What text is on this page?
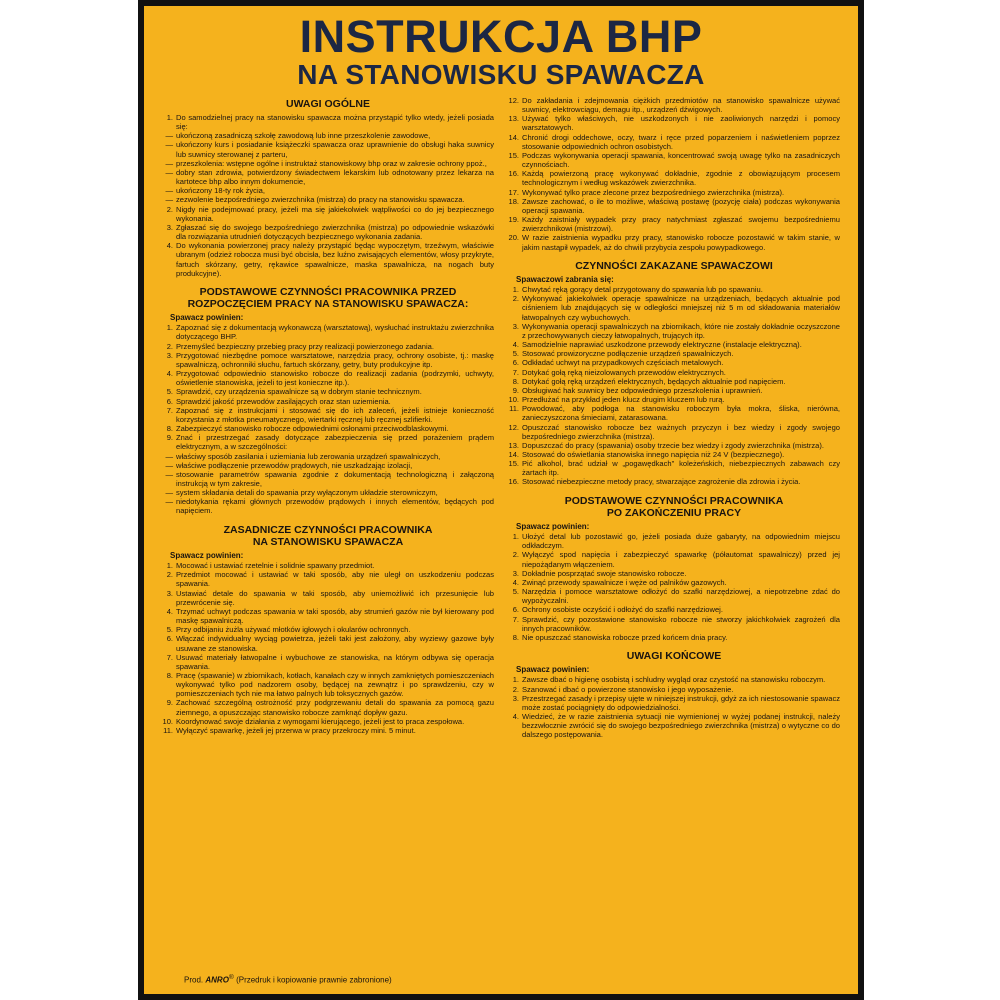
INSTRUKCJA BHP
NA STANOWISKU SPAWACZA
UWAGI OGÓLNE
1. Do samodzielnej pracy na stanowisku spawacza można przystąpić tylko wtedy, jeżeli posiada się:
— ukończoną zasadniczą szkołę zawodową lub inne przeszkolenie zawodowe,
— ukończony kurs i posiadanie książeczki spawacza oraz uprawnienie do obsługi haka suwnicy lub suwnicy sterowanej z parteru,
— przeszkolenia: wstępne ogólne i instruktaż stanowiskowy bhp oraz w zakresie ochrony ppoż.,
— dobry stan zdrowia, potwierdzony świadectwem lekarskim lub odnotowany przez lekarza na kartotece bhp albo innym dokumencie,
— ukończony 18-ty rok życia,
— zezwolenie bezpośredniego zwierzchnika (mistrza) do pracy na stanowisku spawacza.
2. Nigdy nie podejmować pracy, jeżeli ma się jakiekolwiek wątpliwości co do jej bezpiecznego wykonania.
3. Zgłaszać się do swojego bezpośredniego zwierzchnika (mistrza) po odpowiednie wskazówki dla rozwiązania utrudnień dotyczących bezpiecznego wykonania zadania.
4. Do wykonania powierzonej pracy należy przystąpić będąc wypoczętym, trzeźwym, właściwie ubranym (odzież robocza musi być obcisła, bez luźno zwisających elementów, włosy przykryte, fartuch skórzany, getry, rękawice spawalnicze, maska spawalnicza, na nogach buty produkcyjne).
PODSTAWOWE CZYNNOŚCI PRACOWNIKA PRZED
ROZPOCZĘCIEM PRACY NA STANOWISKU SPAWACZA:
Spawacz powinien:
1. Zapoznać się z dokumentacją wykonawczą (warsztatową), wysłuchać instruktażu zwierzchnika dotyczącego BHP.
2. Przemyśleć bezpieczny przebieg pracy przy realizacji powierzonego zadania.
3. Przygotować niezbędne pomoce warsztatowe, narzędzia pracy, ochrony osobiste, tj.: maskę spawalniczą, ochronniki słuchu, fartuch skórzany, getry, buty produkcyjne itp.
4. Przygotować odpowiednio stanowisko robocze do realizacji zadania (podrzymki, uchwyty, oświetlenie stanowiska, jeżeli to jest konieczne itp.).
5. Sprawdzić, czy urządzenia spawalnicze są w dobrym stanie technicznym.
6. Sprawdzić jakość przewodów zasilających oraz stan uziemienia.
7. Zapoznać się z instrukcjami i stosować się do ich zaleceń, jeżeli istnieje konieczność korzystania z młotka pneumatycznego, wiertarki ręcznej lub ręcznej szlifierki.
8. Zabezpieczyć stanowisko robocze odpowiednimi osłonami przeciwodblaskowymi.
9. Znać i przestrzegać zasady dotyczące zabezpieczenia się przed porażeniem prądem elektrycznym, a w szczególności:
— właściwy sposób zasilania i uziemiania lub zerowania urządzeń spawalniczych,
— właściwe podłączenie przewodów prądowych, nie uszkadzając izolacji,
— stosowanie parametrów spawania zgodnie z dokumentacją technologiczną i załączoną instrukcją w tym zakresie,
— system składania detali do spawania przy wyłączonym układzie sterowniczym,
— niedotykania rękami głównych przewodów prądowych i innych elementów, będących pod napięciem.
ZASADNICZE CZYNNOŚCI PRACOWNIKA
NA STANOWISKU SPAWACZA
Spawacz powinien:
1. Mocować i ustawiać rzetelnie i solidnie spawany przedmiot.
2. Przedmiot mocować i ustawiać w taki sposób, aby nie uległ on uszkodzeniu podczas spawania.
3. Ustawiać detale do spawania w taki sposób, aby uniemożliwić ich przesunięcie lub przewrócenie się.
4. Trzymać uchwyt podczas spawania w taki sposób, aby strumień gazów nie był kierowany pod maskę spawalniczą.
5. Przy odbijaniu żużla używać młotków igłowych i okularów ochronnych.
6. Włączać indywidualny wyciąg powietrza, jeżeli taki jest założony, aby wyziewy gazowe były usuwane ze stanowiska.
7. Usuwać materiały łatwopalne i wybuchowe ze stanowiska, na którym odbywa się operacja spawania.
8. Pracę (spawanie) w zbiornikach, kotłach, kanałach czy w innych zamkniętych pomieszczeniach wykonywać tylko pod nadzorem osoby, będącej na zewnątrz i po sprawdzeniu, czy w pomieszczeniach tych nie ma łatwo palnych lub toksycznych gazów.
9. Zachować szczególną ostrożność przy podgrzewaniu detali do spawania za pomocą gazu ziemnego, a opuszczając stanowisko robocze zamknąć dopływ gazu.
10. Koordynować swoje działania z wymogami kierującego, jeżeli jest to praca zespołowa.
11. Wyłączyć spawarkę, jeżeli jej przerwa w pracy przekroczy mini. 5 minut.
12. Do zakładania i zdejmowania ciężkich przedmiotów na stanowisko spawalnicze używać suwnicy, elektrowciągu, demagu itp., urządzeń dźwigowych.
13. Używać tylko właściwych, nie uszkodzonych i nie zaoliwionych narzędzi i pomocy warsztatowych.
14. Chronić drogi oddechowe, oczy, twarz i ręce przed poparzeniem i naświetleniem poprzez stosowanie odpowiednich ochron osobistych.
15. Podczas wykonywania operacji spawania, koncentrować swoją uwagę tylko na zasadniczych czynnościach.
16. Każdą powierzoną pracę wykonywać dokładnie, zgodnie z obowiązującym procesem technologicznym i według wskazówek zwierzchnika.
17. Wykonywać tylko prace zlecone przez bezpośredniego zwierzchnika (mistrza).
18. Zawsze zachować, o ile to możliwe, właściwą postawę (pozycję ciała) podczas wykonywania operacji spawania.
19. Każdy zaistniały wypadek przy pracy natychmiast zgłaszać swojemu bezpośredniemu zwierzchnikowi (mistrzowi).
20. W razie zaistnienia wypadku przy pracy, stanowisko robocze pozostawić w takim stanie, w jakim nastąpił wypadek, aż do chwili przybycia zespołu powypadkowego.
CZYNNOŚCI ZAKAZANE SPAWACZOWI
Spawaczowi zabrania się:
1. Chwytać ręką gorący detal przygotowany do spawania lub po spawaniu.
2. Wykonywać jakiekolwiek operacje spawalnicze na urządzeniach, będących aktualnie pod ciśnieniem lub znajdujących się w odległości mniejszej niż 5 m od składowania materiałów łatwopalnych czy wybuchowych.
3. Wykonywania operacji spawalniczych na zbiornikach, które nie zostały dokładnie oczyszczone z przechowywanych cieczy łatwopalnych, trujących itp.
4. Samodzielnie naprawiać uszkodzone przewody elektryczne (instalacje elektryczną).
5. Stosować prowizoryczne podłączenie urządzeń spawalniczych.
6. Odkładać uchwyt na przypadkowych częściach metalowych.
7. Dotykać gołą ręką nieizolowanych przewodów elektrycznych.
8. Dotykać gołą ręką urządzeń elektrycznych, będących aktualnie pod napięciem.
9. Obsługiwać hak suwnicy bez odpowiedniego przeszkolenia i uprawnień.
10. Przedłużać na przykład jeden klucz drugim kluczem lub rurą.
11. Powodować, aby podłoga na stanowisku roboczym była mokra, śliska, nierówna, zanieczyszczona śmieciami, zatarasowana.
12. Opuszczać stanowisko robocze bez ważnych przyczyn i bez wiedzy i zgody swojego bezpośredniego zwierzchnika (mistrza).
13. Dopuszczać do pracy (spawania) osoby trzecie bez wiedzy i zgody zwierzchnika (mistrza).
14. Stosować do oświetlania stanowiska innego napięcia niż 24 V (bezpiecznego).
15. Pić alkohol, brać udział w „pogawędkach" koleżeńskich, niebezpiecznych zabawach czy żartach itp.
16. Stosować niebezpieczne metody pracy, stwarzające zagrożenie dla zdrowia i życia.
PODSTAWOWE CZYNNOŚCI PRACOWNIKA
PO ZAKOŃCZENIU PRACY
Spawacz powinien:
1. Ułożyć detal lub pozostawić go, jeżeli posiada duże gabaryty, na odpowiednim miejscu odkładczym.
2. Wyłączyć spod napięcia i zabezpieczyć spawarkę (półautomat spawalniczy) przed jej niepożądanym włączeniem.
3. Dokładnie posprzątać swoje stanowisko robocze.
4. Zwinąć przewody spawalnicze i węże od palników gazowych.
5. Narzędzia i pomoce warsztatowe odłożyć do szafki narzędziowej, a niepotrzebne zdać do wypożyczalni.
6. Ochrony osobiste oczyścić i odłożyć do szafki narzędziowej.
7. Sprawdzić, czy pozostawione stanowisko robocze nie stworzy jakichkolwiek zagrożeń dla innych pracowników.
8. Nie opuszczać stanowiska robocze przed końcem dnia pracy.
UWAGI KOŃCOWE
Spawacz powinien:
1. Zawsze dbać o higienę osobistą i schludny wygląd oraz czystość na stanowisku roboczym.
2. Szanować i dbać o powierzone stanowisko i jego wyposażenie.
3. Przestrzegać zasady i przepisy ujęte w niniejszej instrukcji, gdyż za ich niestosowanie spawacz może zostać pociągnięty do odpowiedzialności.
4. Wiedzieć, że w razie zaistnienia sytuacji nie wymienionej w wyżej podanej instrukcji, należy bezzwłocznie zwrócić się do swojego bezpośredniego zwierzchnika (mistrza) o wytyczne co do dalszego postępowania.
Prod. ANRO® (Przedruk i kopiowanie prawnie zabronione)
